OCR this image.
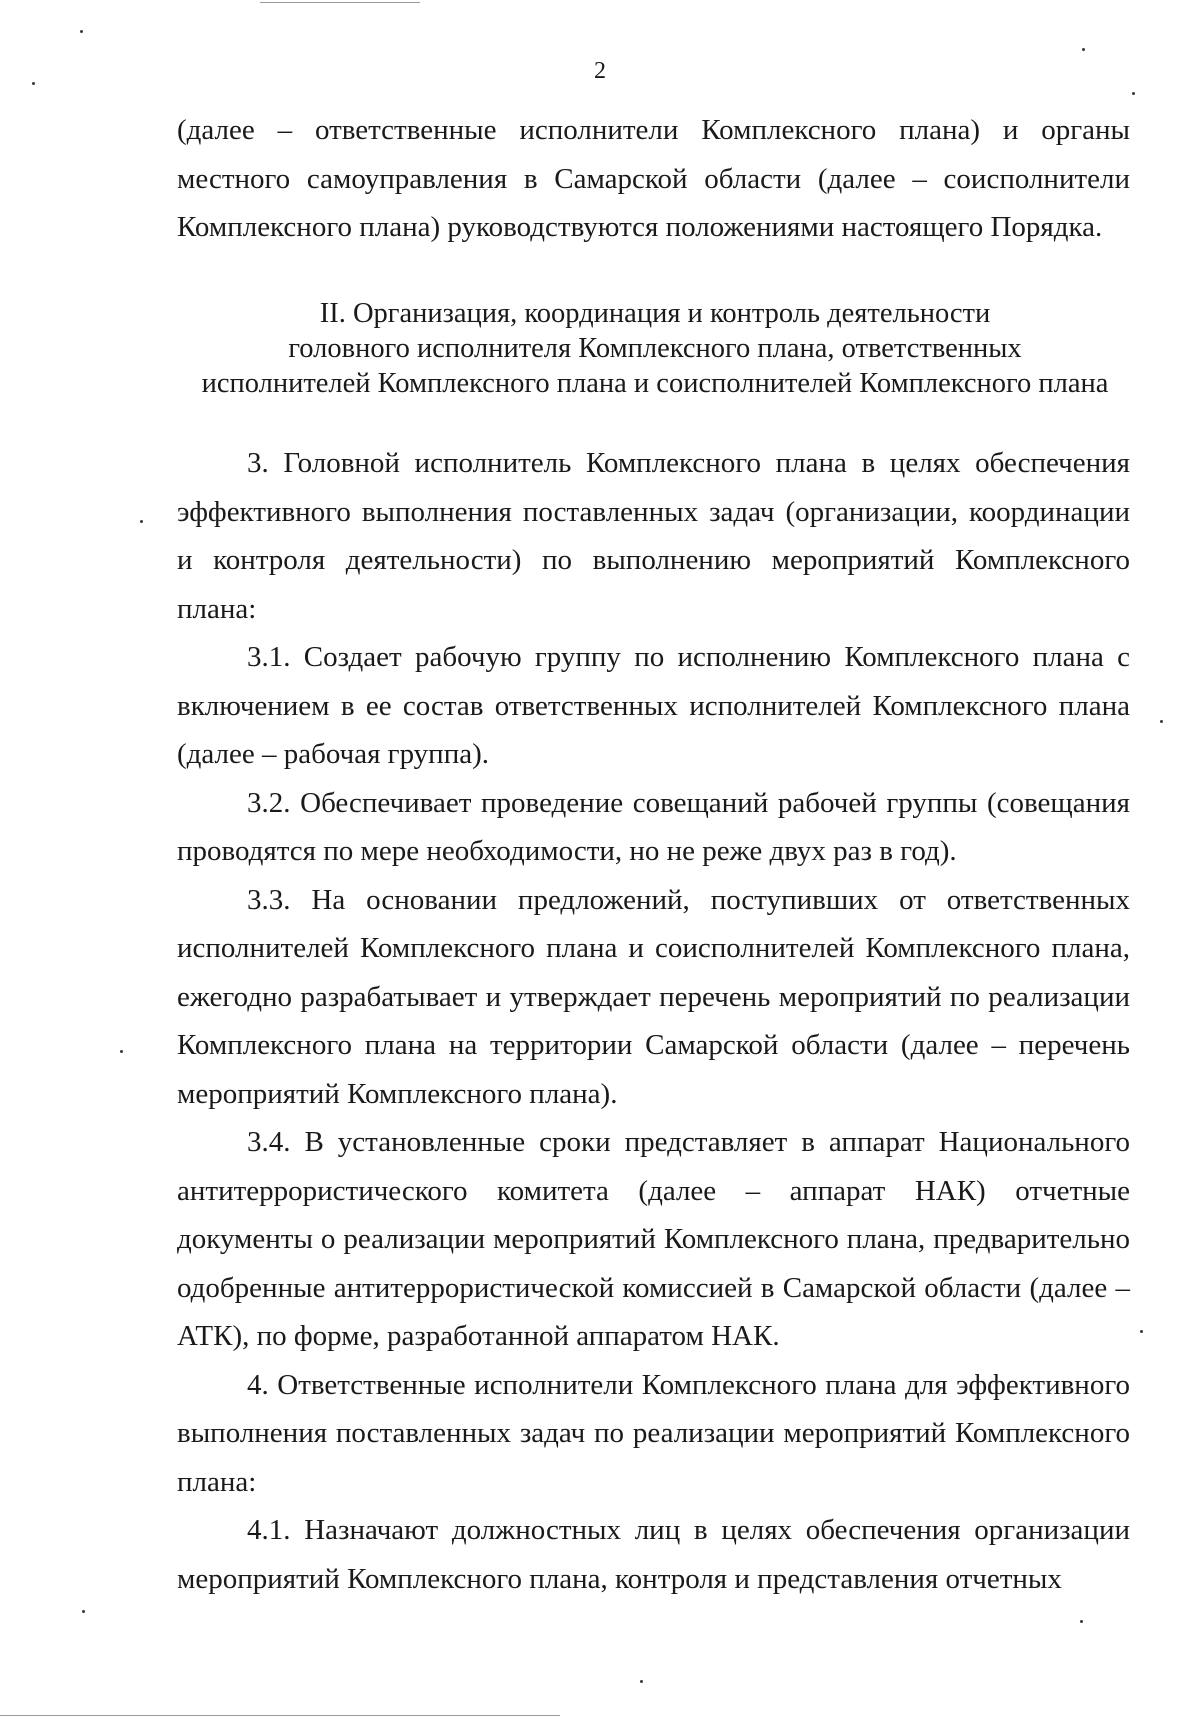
2

(далее – ответственные исполнители Комплексного плана) и органы местного самоуправления в Самарской области (далее – соисполнители Комплексного плана) руководствуются положениями настоящего Порядка.

II. Организация, координация и контроль деятельности
головного исполнителя Комплексного плана, ответственных
исполнителей Комплексного плана и соисполнителей Комплексного плана

3. Головной исполнитель Комплексного плана в целях обеспечения эффективного выполнения поставленных задач (организации, координации и контроля деятельности) по выполнению мероприятий Комплексного плана:

3.1. Создает рабочую группу по исполнению Комплексного плана с включением в ее состав ответственных исполнителей Комплексного плана (далее – рабочая группа).

3.2. Обеспечивает проведение совещаний рабочей группы (совещания проводятся по мере необходимости, но не реже двух раз в год).

3.3. На основании предложений, поступивших от ответственных исполнителей Комплексного плана и соисполнителей Комплексного плана, ежегодно разрабатывает и утверждает перечень мероприятий по реализации Комплексного плана на территории Самарской области (далее – перечень мероприятий Комплексного плана).

3.4. В установленные сроки представляет в аппарат Национального антитеррористического комитета (далее – аппарат НАК) отчетные документы о реализации мероприятий Комплексного плана, предварительно одобренные антитеррористической комиссией в Самарской области (далее – АТК), по форме, разработанной аппаратом НАК.

4. Ответственные исполнители Комплексного плана для эффективного выполнения поставленных задач по реализации мероприятий Комплексного плана:

4.1. Назначают должностных лиц в целях обеспечения организации мероприятий Комплексного плана, контроля и представления отчетных
